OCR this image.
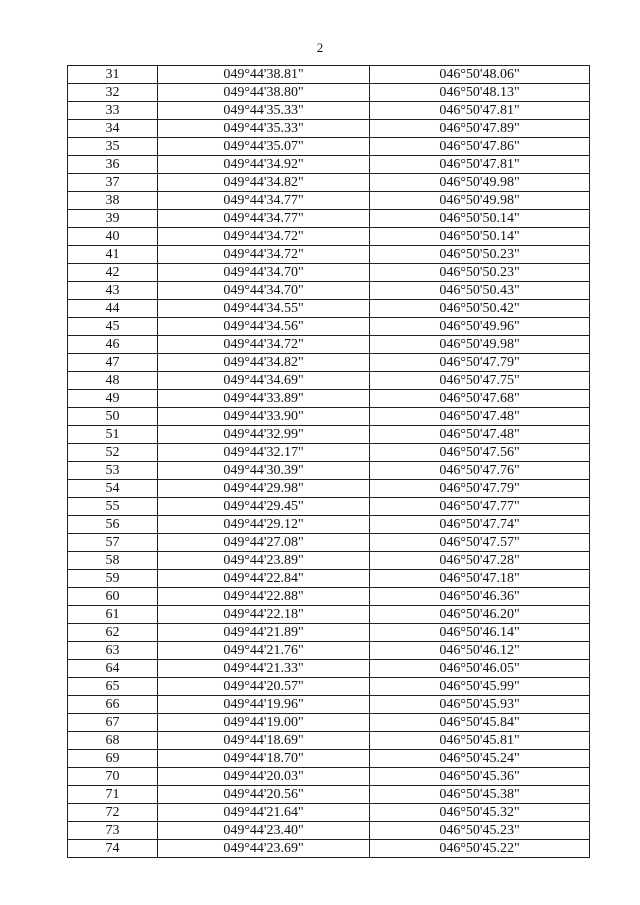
2
31	049°44'38.81"	046°50'48.06"
32	049°44'38.80"	046°50'48.13"
33	049°44'35.33"	046°50'47.81"
34	049°44'35.33"	046°50'47.89"
35	049°44'35.07"	046°50'47.86"
36	049°44'34.92"	046°50'47.81"
37	049°44'34.82"	046°50'49.98"
38	049°44'34.77"	046°50'49.98"
39	049°44'34.77"	046°50'50.14"
40	049°44'34.72"	046°50'50.14"
41	049°44'34.72"	046°50'50.23"
42	049°44'34.70"	046°50'50.23"
43	049°44'34.70"	046°50'50.43"
44	049°44'34.55"	046°50'50.42"
45	049°44'34.56"	046°50'49.96"
46	049°44'34.72"	046°50'49.98"
47	049°44'34.82"	046°50'47.79"
48	049°44'34.69"	046°50'47.75"
49	049°44'33.89"	046°50'47.68"
50	049°44'33.90"	046°50'47.48"
51	049°44'32.99"	046°50'47.48"
52	049°44'32.17"	046°50'47.56"
53	049°44'30.39"	046°50'47.76"
54	049°44'29.98"	046°50'47.79"
55	049°44'29.45"	046°50'47.77"
56	049°44'29.12"	046°50'47.74"
57	049°44'27.08"	046°50'47.57"
58	049°44'23.89"	046°50'47.28"
59	049°44'22.84"	046°50'47.18"
60	049°44'22.88"	046°50'46.36"
61	049°44'22.18"	046°50'46.20"
62	049°44'21.89"	046°50'46.14"
63	049°44'21.76"	046°50'46.12"
64	049°44'21.33"	046°50'46.05"
65	049°44'20.57"	046°50'45.99"
66	049°44'19.96"	046°50'45.93"
67	049°44'19.00"	046°50'45.84"
68	049°44'18.69"	046°50'45.81"
69	049°44'18.70"	046°50'45.24"
70	049°44'20.03"	046°50'45.36"
71	049°44'20.56"	046°50'45.38"
72	049°44'21.64"	046°50'45.32"
73	049°44'23.40"	046°50'45.23"
74	049°44'23.69"	046°50'45.22"
